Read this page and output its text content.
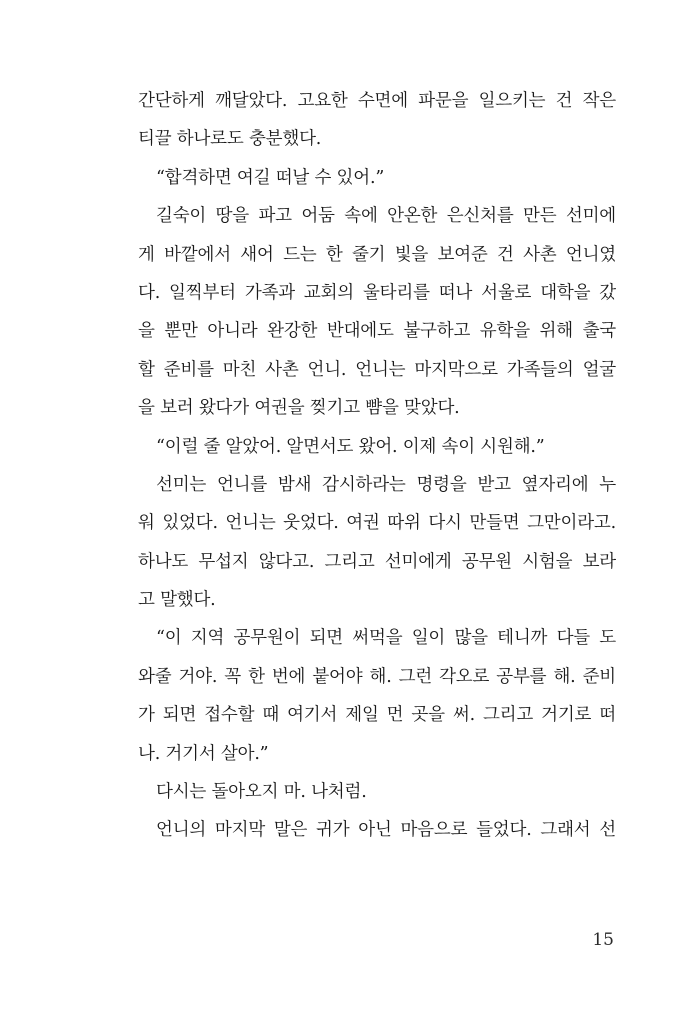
간단하게 깨달았다. 고요한 수면에 파문을 일으키는 건 작은
티끌 하나로도 충분했다.
“합격하면 여길 떠날 수 있어.”
길숙이 땅을 파고 어둠 속에 안온한 은신처를 만든 선미에
게 바깥에서 새어 드는 한 줄기 빛을 보여준 건 사촌 언니였
다. 일찍부터 가족과 교회의 울타리를 떠나 서울로 대학을 갔
을 뿐만 아니라 완강한 반대에도 불구하고 유학을 위해 출국
할 준비를 마친 사촌 언니. 언니는 마지막으로 가족들의 얼굴
을 보러 왔다가 여권을 찢기고 뺨을 맞았다.
“이럴 줄 알았어. 알면서도 왔어. 이제 속이 시원해.”
선미는 언니를 밤새 감시하라는 명령을 받고 옆자리에 누
워 있었다. 언니는 웃었다. 여권 따위 다시 만들면 그만이라고.
하나도 무섭지 않다고. 그리고 선미에게 공무원 시험을 보라
고 말했다.
“이 지역 공무원이 되면 써먹을 일이 많을 테니까 다들 도
와줄 거야. 꼭 한 번에 붙어야 해. 그런 각오로 공부를 해. 준비
가 되면 접수할 때 여기서 제일 먼 곳을 써. 그리고 거기로 떠
나. 거기서 살아.”
다시는 돌아오지 마. 나처럼.
언니의 마지막 말은 귀가 아닌 마음으로 들었다. 그래서 선
15
